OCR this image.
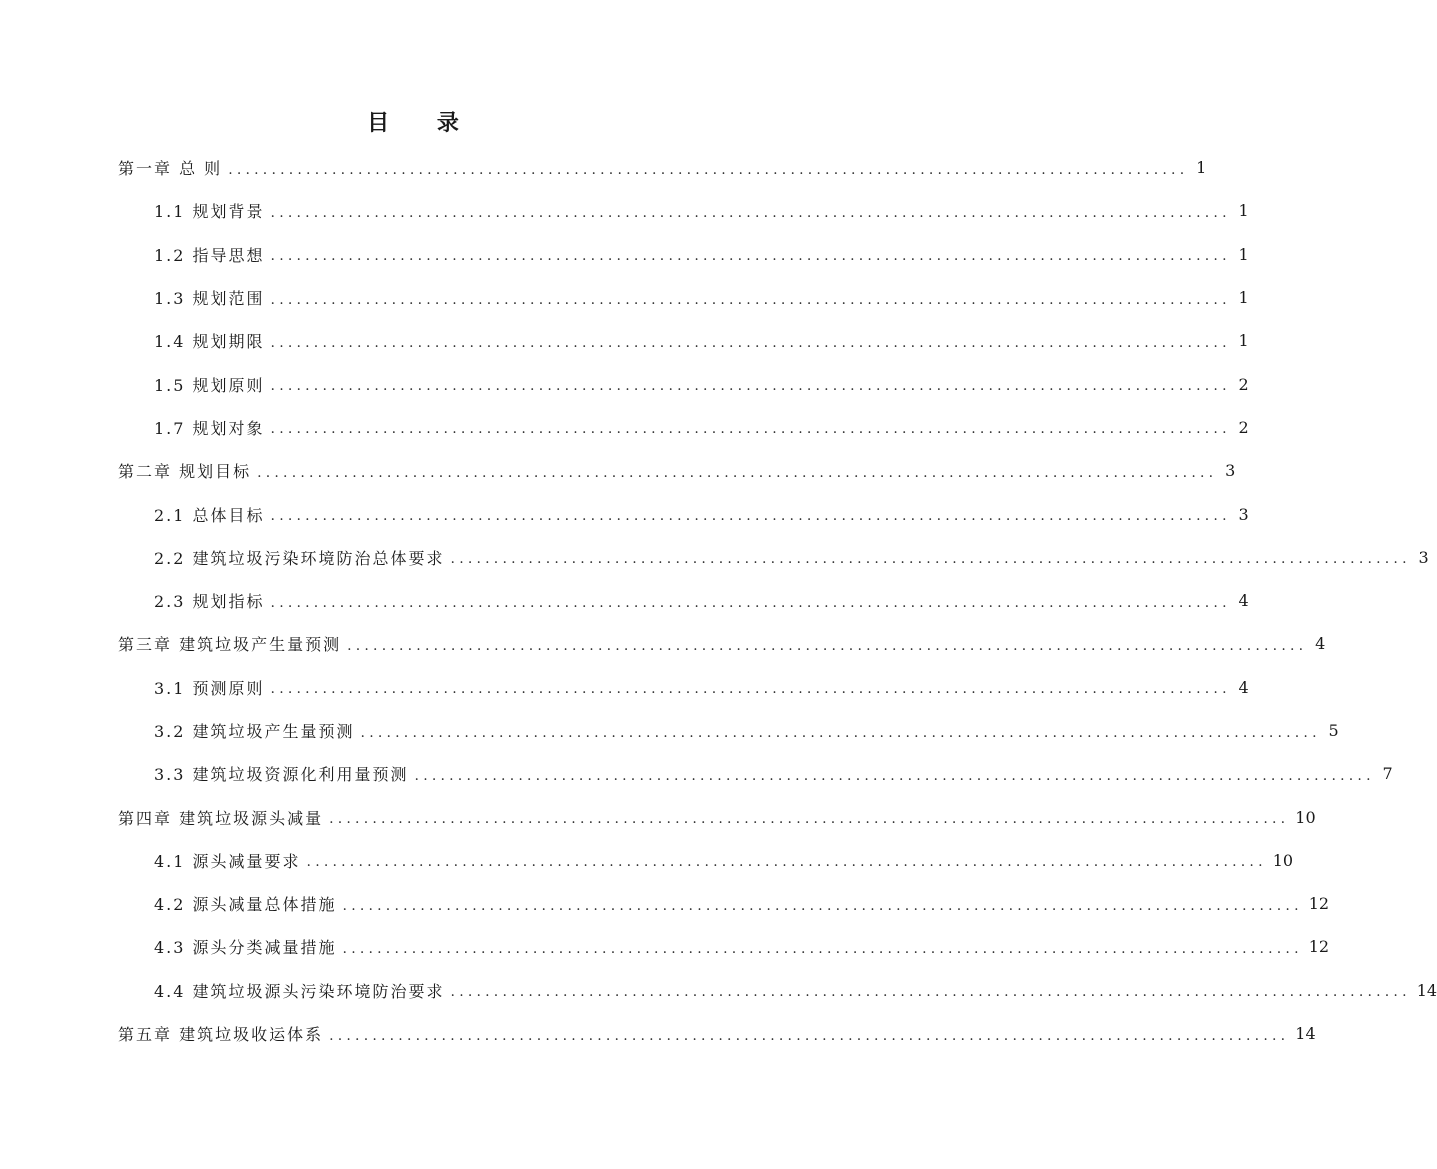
目 录
第一章 总 则 ............................................................................................................... 1
1.1 规划背景 ............................................................................................................... 1
1.2 指导思想 ............................................................................................................... 1
1.3 规划范围 ............................................................................................................... 1
1.4 规划期限 ............................................................................................................... 1
1.5 规划原则 ............................................................................................................... 2
1.7 规划对象 ............................................................................................................... 2
第二章 规划目标 ............................................................................................................... 3
2.1 总体目标 ............................................................................................................... 3
2.2 建筑垃圾污染环境防治总体要求 ............................................................................................................... 3
2.3 规划指标 ............................................................................................................... 4
第三章 建筑垃圾产生量预测 ............................................................................................................... 4
3.1 预测原则 ............................................................................................................... 4
3.2 建筑垃圾产生量预测 ............................................................................................................... 5
3.3 建筑垃圾资源化利用量预测 ............................................................................................................... 7
第四章 建筑垃圾源头减量 ............................................................................................................... 10
4.1 源头减量要求 ............................................................................................................... 10
4.2 源头减量总体措施 ............................................................................................................... 12
4.3 源头分类减量措施 ............................................................................................................... 12
4.4 建筑垃圾源头污染环境防治要求 ............................................................................................................... 14
第五章 建筑垃圾收运体系 ............................................................................................................... 14
